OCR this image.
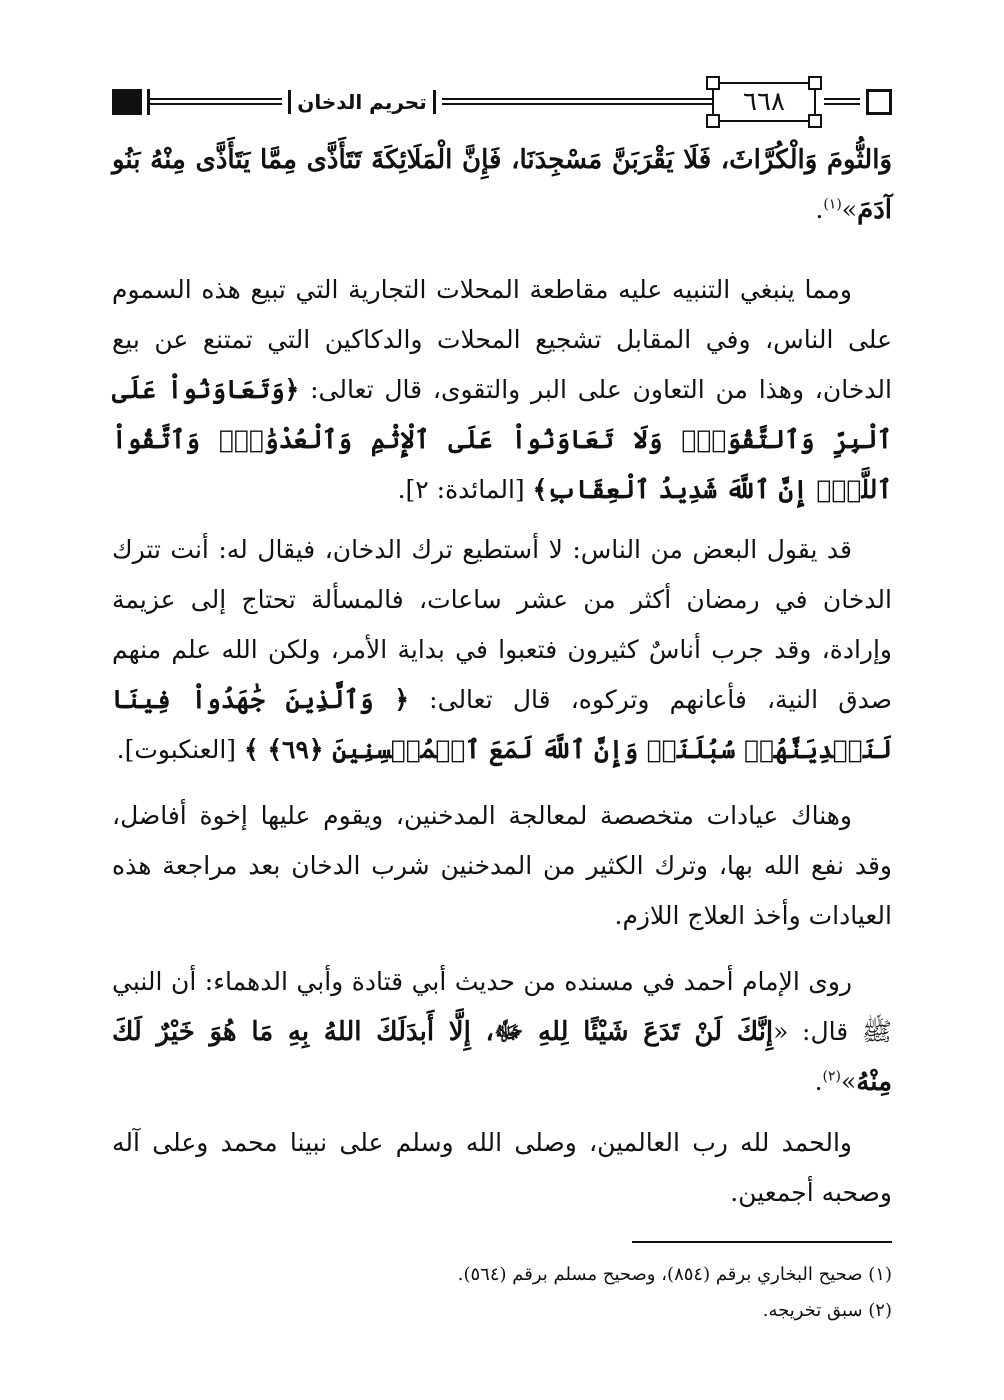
تحريم الدخان	٦٦٨

وَالثُّومَ وَالْكُرَّاثَ، فَلَا يَقْرَبَنَّ مَسْجِدَنَا، فَإِنَّ الْمَلَائِكَةَ تَتَأَذَّى مِمَّا يَتَأَذَّى مِنْهُ بَنُو آدَمَ»$^{(١)}$.

ومما ينبغي التنبيه عليه مقاطعة المحلات التجارية التي تبيع هذه السموم على الناس، وفي المقابل تشجيع المحلات والدكاكين التي تمتنع عن بيع الدخان، وهذا من التعاون على البر والتقوى، قال تعالى: ﴿وَتَعَاوَنُواْ عَلَى ٱلْبِرِّ وَٱلتَّقْوَىٰۖ وَلَا تَعَاوَنُواْ عَلَى ٱلْإِثْمِ وَٱلْعُدْوَٰنِۚ وَٱتَّقُواْ ٱللَّهَۖ إِنَّ ٱللَّهَ شَدِيدُ ٱلْعِقَابِ﴾ [المائدة: ٢].

قد يقول البعض من الناس: لا أستطيع ترك الدخان، فيقال له: أنت تترك الدخان في رمضان أكثر من عشر ساعات، فالمسألة تحتاج إلى عزيمة وإرادة، وقد جرب أناسٌ كثيرون فتعبوا في بداية الأمر، ولكن الله علم منهم صدق النية، فأعانهم وتركوه، قال تعالى: ﴿ وَٱلَّذِينَ جَٰهَدُواْ فِينَا لَنَهۡدِيَنَّهُمۡ سُبُلَنَاۚ وَإِنَّ ٱللَّهَ لَمَعَ ٱلۡمُحۡسِنِينَ ﴿٦٩﴾ ﴾ [العنكبوت].

وهناك عيادات متخصصة لمعالجة المدخنين، ويقوم عليها إخوة أفاضل، وقد نفع الله بها، وترك الكثير من المدخنين شرب الدخان بعد مراجعة هذه العيادات وأخذ العلاج اللازم.

روى الإمام أحمد في مسنده من حديث أبي قتادة وأبي الدهماء: أن النبي ﷺ قال: «إِنَّكَ لَنْ تَدَعَ شَيْئًا لِلهِ ﷻ، إِلَّا أَبدَلَكَ اللهُ بِهِ مَا هُوَ خَيْرٌ لَكَ مِنْهُ»$^{(٢)}$.

والحمد لله رب العالمين، وصلى الله وسلم على نبينا محمد وعلى آله وصحبه أجمعين.

(١) صحيح البخاري برقم (٨٥٤)، وصحيح مسلم برقم (٥٦٤).

(٢) سبق تخريجه.
